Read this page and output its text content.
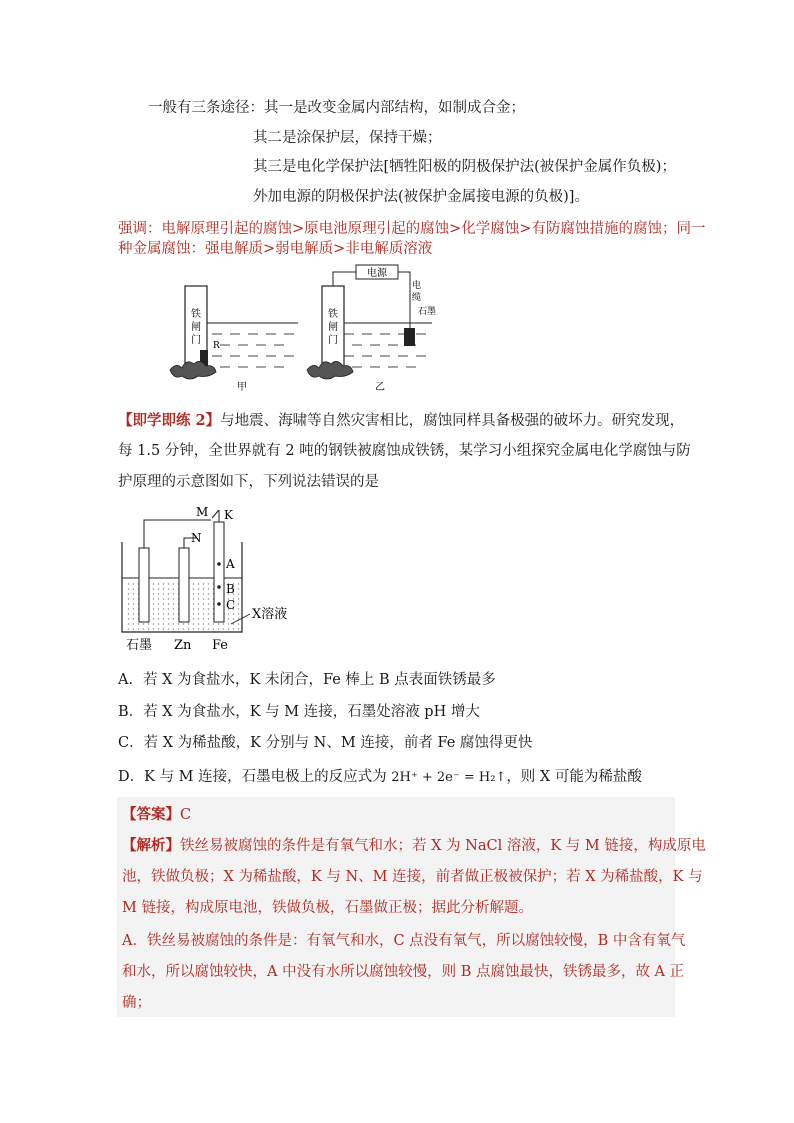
一般有三条途径：其一是改变金属内部结构，如制成合金；
其二是涂保护层，保持干燥；
其三是电化学保护法[牺牲阳极的阴极保护法(被保护金属作负极)；
外加电源的阴极保护法(被保护金属接电源的负极)]。
强调：电解原理引起的腐蚀>原电池原理引起的腐蚀>化学腐蚀>有防腐蚀措施的腐蚀；同一
种金属腐蚀：强电解质>弱电解质>非电解质溶液
铁
闸
门 R
甲
铁
闸
门
电源
电
缆
石墨
乙
【即学即练 2】与地震、海啸等自然灾害相比，腐蚀同样具备极强的破坏力。研究发现，
每 1.5 分钟，全世界就有 2 吨的钢铁被腐蚀成铁锈，某学习小组探究金属电化学腐蚀与防
护原理的示意图如下，下列说法错误的是
M K
N
A
B
C
X溶液
石墨 Zn Fe
A．若 X 为食盐水，K 未闭合，Fe 棒上 B 点表面铁锈最多
B．若 X 为食盐水，K 与 M 连接，石墨处溶液 pH 增大
C．若 X 为稀盐酸，K 分别与 N、M 连接，前者 Fe 腐蚀得更快
D．K 与 M 连接，石墨电极上的反应式为 2H⁺ + 2e⁻ = H₂↑，则 X 可能为稀盐酸
【答案】C
【解析】铁丝易被腐蚀的条件是有氧气和水；若 X 为 NaCl 溶液，K 与 M 链接，构成原电
池，铁做负极；X 为稀盐酸，K 与 N、M 连接，前者做正极被保护；若 X 为稀盐酸，K 与
M 链接，构成原电池，铁做负极，石墨做正极；据此分析解题。
A．铁丝易被腐蚀的条件是：有氧气和水，C 点没有氧气，所以腐蚀较慢，B 中含有氧气
和水，所以腐蚀较快，A 中没有水所以腐蚀较慢，则 B 点腐蚀最快，铁锈最多，故 A 正
确；
